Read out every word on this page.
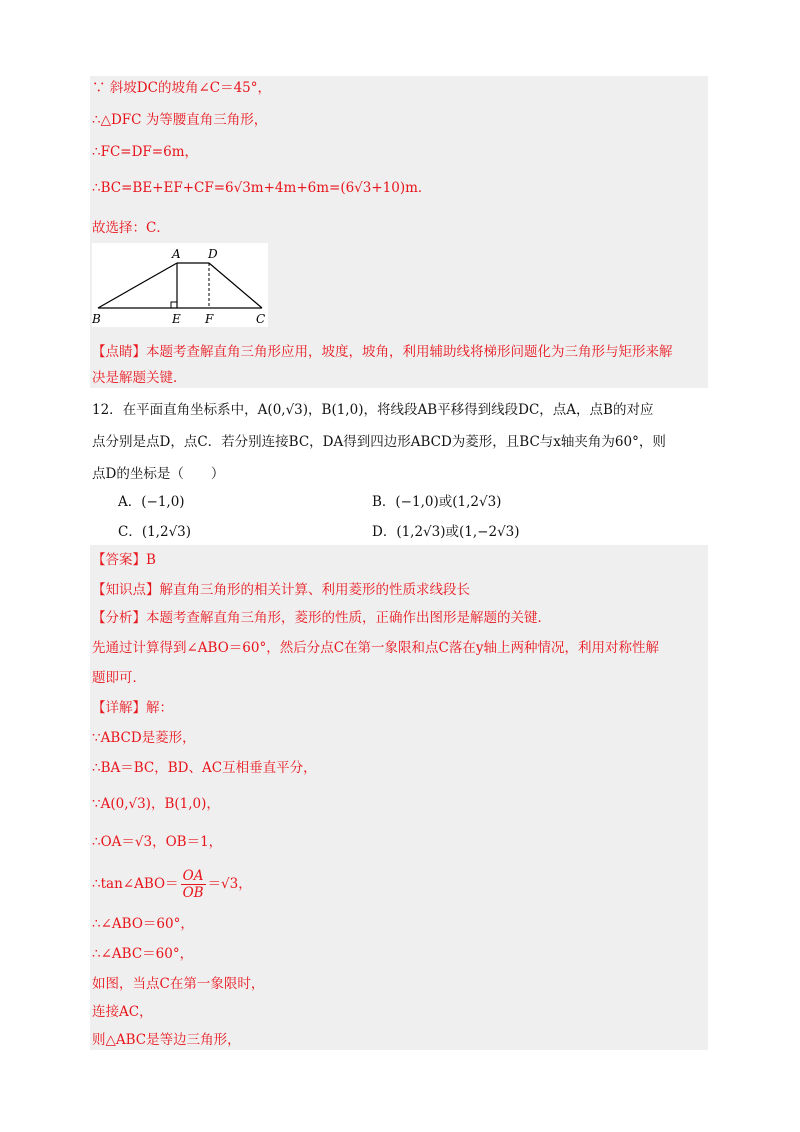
∵ 斜坡DC的坡角∠C＝45°，
∴△DFC 为等腰直角三角形，
∴FC=DF=6m，
∴BC=BE+EF+CF=6√3m+4m+6m=(6√3+10)m．
故选择：C．
A D
B	E F	C
【点睛】本题考查解直角三角形应用，坡度，坡角，利用辅助线将梯形问题化为三角形与矩形来解
决是解题关键．
12．在平面直角坐标系中，A(0,√3)，B(1,0)，将线段AB平移得到线段DC，点A，点B的对应
点分别是点D，点C．若分别连接BC，DA得到四边形ABCD为菱形，且BC与x轴夹角为60°，则
点D的坐标是（　　）
A．(−1,0)	B．(−1,0)或(1,2√3)
C．(1,2√3)	D．(1,2√3)或(1,−2√3)
【答案】B
【知识点】解直角三角形的相关计算、利用菱形的性质求线段长
【分析】本题考查解直角三角形，菱形的性质，正确作出图形是解题的关键．
先通过计算得到∠ABO＝60°，然后分点C在第一象限和点C落在y轴上两种情况，利用对称性解
题即可．
【详解】解：
∵ABCD是菱形，
∴BA＝BC，BD、AC互相垂直平分，
∵A(0,√3)，B(1,0)，
∴OA＝√3，OB＝1，
∴tan∠ABO＝ $\frac{OA}{OB} =√3$，
∴∠ABO＝60°，
∴∠ABC＝60°，
如图，当点C在第一象限时，
连接AC，
则△ABC是等边三角形，
